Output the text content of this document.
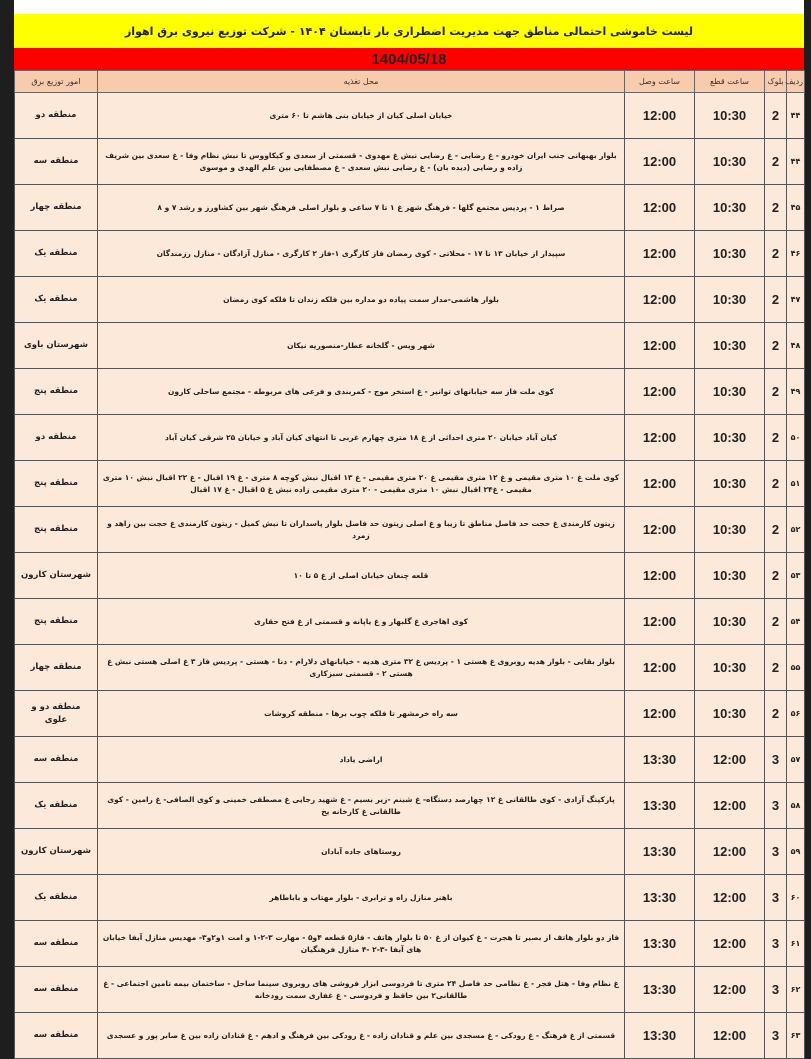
لیست خاموشی احتمالی مناطق جهت مدیریت اضطراری بار تابستان ۱۴۰۴ - شرکت توزیع نیروی برق اهواز
1404/05/18
ردیف	بلوک	ساعت قطع	ساعت وصل	محل تغذیه	امور توزیع برق
۴۴	2	10:30	12:00	خیابان اصلی کیان از خیابان بنی هاشم تا ۶۰ متری	منطقه دو
۴۴	2	10:30	12:00	بلوار بهبهانی جنب ایران خودرو - غ رضایی - غ رضایی نبش غ مهدوی - قسمتی از سعدی و کیکاووس تا نبش نظام وفا - غ سعدی بین شریف زاده و رضایی (دیده بان) - غ رضایی نبش سعدی - غ مصطفایی بین علم الهدی و موسوی	منطقه سه
۴۵	2	10:30	12:00	صراط ۱ - پردیس مجتمع گلها - فرهنگ شهر غ ۱ تا ۷ ساعی و بلوار اصلی فرهنگ شهر بین کشاورز و رشد ۷ و ۸	منطقه چهار
۴۶	2	10:30	12:00	سپیدار از خیابان ۱۳ تا ۱۷ - محلاتی - کوی رمضان فاز کارگری ۱-فاز ۲ کارگری - منازل آزادگان - منازل رزمندگان	منطقه یک
۴۷	2	10:30	12:00	بلوار هاشمی-مدار سمت پیاده دو مداره بین فلکه زندان تا فلکه کوی رمضان	منطقه یک
۴۸	2	10:30	12:00	شهر ویس - گلخانه عطار-منصوریه نیکان	شهرستان باوی
۴۹	2	10:30	12:00	کوی ملت فاز سه خیابانهای توانیر - غ استخر موج - کمربندی و فرعی های مربوطه - مجتمع ساحلی کارون	منطقه پنج
۵۰	2	10:30	12:00	کیان آباد خیابان ۲۰ متری احداثی از غ ۱۸ متری چهارم غربی تا انتهای کیان آباد و خیابان ۲۵ شرقی کیان آباد	منطقه دو
۵۱	2	10:30	12:00	کوی ملت غ ۱۰ متری مقیمی و غ ۱۲ متری مقیمی غ ۲۰ متری مقیمی - غ ۱۳ اقبال نبش کوچه ۸ متری - غ ۱۹ اقبال - غ ۲۲ اقبال نبش ۱۰ متری مقیمی - غ۲۴ اقبال نبش ۱۰ متری مقیمی - ۲۰ متری مقیمی زاده نبش غ ۵ اقبال - غ ۱۷ اقبال	منطقه پنج
۵۲	2	10:30	12:00	زیتون کارمندی غ حجت حد فاصل مناطق تا زیبا و غ اصلی زیتون حد فاصل بلوار پاسداران تا نبش کمیل - زیتون کارمندی غ حجت بین زاهد و زمرد	منطقه پنج
۵۳	2	10:30	12:00	قلعه چنعان خیابان اصلی از غ ۵ تا ۱۰	شهرستان کارون
۵۴	2	10:30	12:00	کوی اهاجری غ گلبهار و غ یاپانه و قسمتی از غ فتح حقاری	منطقه پنج
۵۵	2	10:30	12:00	بلوار بقایی - بلوار هدیه روبروی غ هستی ۱ - پردیس غ ۳۲ متری هدیه - خیابانهای دلارام - دنا - هستی - پردیس فاز ۳ غ اصلی هستی نبش غ هستی ۲ - قسمتی سبزکاری	منطقه چهار
۵۶	2	10:30	12:00	سه راه خرمشهر تا فلکه چوب برها - منطقه کروشات	منطقه دو و علوی
۵۷	3	12:00	13:30	اراضی یاداد	منطقه سه
۵۸	3	12:00	13:30	پارکینگ آزادی - کوی طالقانی غ ۱۲ چهارصد دستگاه- غ شبنم -زیر بسیم - غ شهید رجایی غ مصطفی خمینی و کوی الصافی- غ رامین - کوی طالقانی غ کارخانه یخ	منطقه یک
۵۹	3	12:00	13:30	روستاهای جاده آبادان	شهرستان کارون
۶۰	3	12:00	13:30	باهنر منازل راه و ترابری - بلوار مهتاب و باباطاهر	منطقه یک
۶۱	3	12:00	13:30	فاز دو بلوار هاتف از بصیر تا هجرت - غ کیوان از غ ۵۰ تا بلوار هاتف - فاز۵ قطعه ۴و۵ - مهارت ۳-۲-۱ و امت ۱و۲و۳- مهدیس منازل آبفا خیابان های آبفا -۳-۲ -۴ منازل فرهنگیان	منطقه سه
۶۲	3	12:00	13:30	غ نظام وفا - هتل فجر - غ نظامی حد فاصل ۲۴ متری تا فردوسی ابزار فروشی های روبروی سینما ساحل - ساختمان بیمه تامین اجتماعی - غ طالقانی۲ بین حافظ و فردوسی - غ غفاری سمت رودخانه	منطقه سه
۶۳	3	12:00	13:30	قسمتی از غ فرهنگ - غ رودکی - غ مسجدی بین علم و قنادان زاده - غ رودکی بین فرهنگ و ادهم - غ قنادان زاده بین غ صابر پور و عسجدی	منطقه سه
